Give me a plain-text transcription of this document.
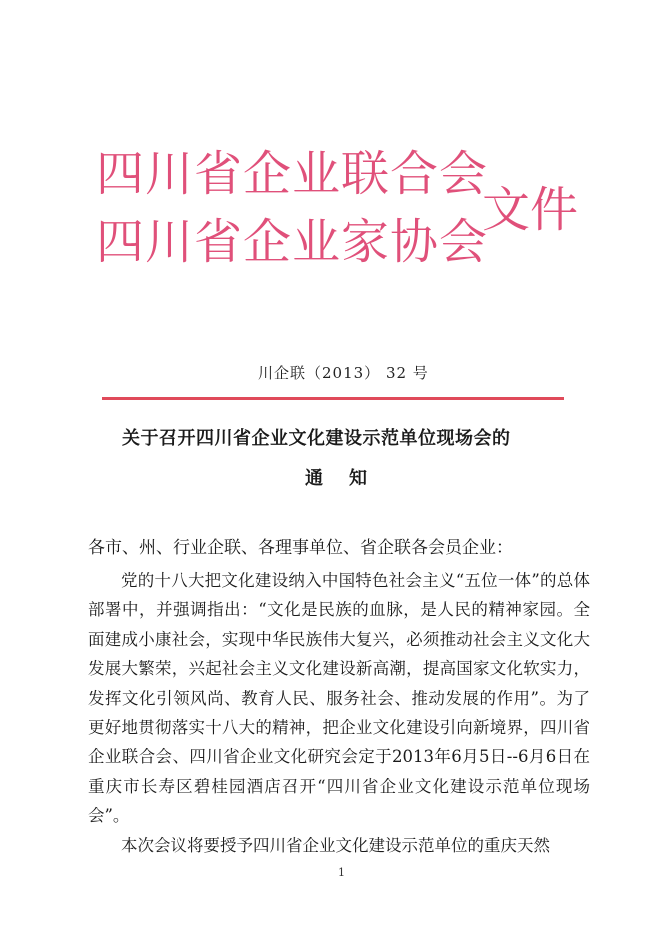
四川省企业联合会
四川省企业家协会
文件
川企联（2013） 32 号
关于召开四川省企业文化建设示范单位现场会的
通知
各市、州、行业企联、各理事单位、省企联各会员企业：

党的十八大把文化建设纳入中国特色社会主义“五位一体”的总体部署中，并强调指出：“文化是民族的血脉，是人民的精神家园。全面建成小康社会，实现中华民族伟大复兴，必须推动社会主义文化大发展大繁荣，兴起社会主义文化建设新高潮，提高国家文化软实力，发挥文化引领风尚、教育人民、服务社会、推动发展的作用”。为了更好地贯彻落实十八大的精神，把企业文化建设引向新境界，四川省企业联合会、四川省企业文化研究会定于2013年6月5日--6月6日在重庆市长寿区碧桂园酒店召开“四川省企业文化建设示范单位现场会”。

本次会议将要授予四川省企业文化建设示范单位的重庆天然

1
